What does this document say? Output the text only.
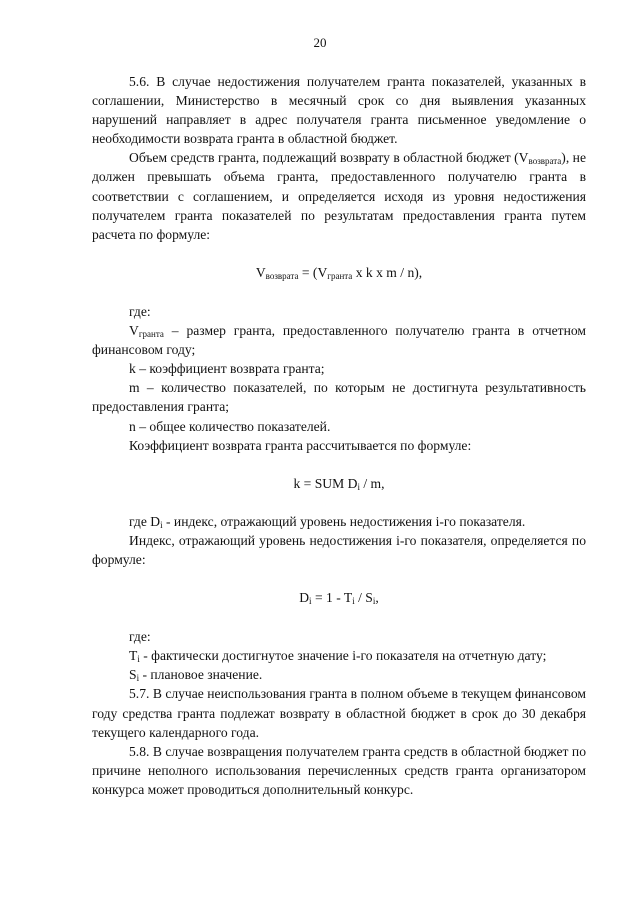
20

5.6. В случае недостижения получателем гранта показателей, указанных в соглашении, Министерство в месячный срок со дня выявления указанных нарушений направляет в адрес получателя гранта письменное уведомление о необходимости возврата гранта в областной бюджет.

Объем средств гранта, подлежащий возврату в областной бюджет $(V_{возврата})$, не должен превышать объема гранта, предоставленного получателю гранта в соответствии с соглашением, и определяется исходя из уровня недостижения получателем гранта показателей по результатам предоставления гранта путем расчета по формуле:

$V_{возврата} = (V_{гранта}$ x k x m / n),

где:

$V_{гранта}$ – размер гранта, предоставленного получателю гранта в отчетном финансовом году;

k – коэффициент возврата гранта;

m – количество показателей, по которым не достигнута результативность предоставления гранта;

n – общее количество показателей.

Коэффициент возврата гранта рассчитывается по формуле:

k = SUM $D_i$ / m,

где $D_i$ - индекс, отражающий уровень недостижения i-го показателя.

Индекс, отражающий уровень недостижения i-го показателя, определяется по формуле:

$D_i = 1 - T_i / S_i$,

где:

$T_i$ - фактически достигнутое значение i-го показателя на отчетную дату;

$S_i$ - плановое значение.

5.7. В случае неиспользования гранта в полном объеме в текущем финансовом году средства гранта подлежат возврату в областной бюджет в срок до 30 декабря текущего календарного года.

5.8. В случае возвращения получателем гранта средств в областной бюджет по причине неполного использования перечисленных средств гранта организатором конкурса может проводиться дополнительный конкурс.
